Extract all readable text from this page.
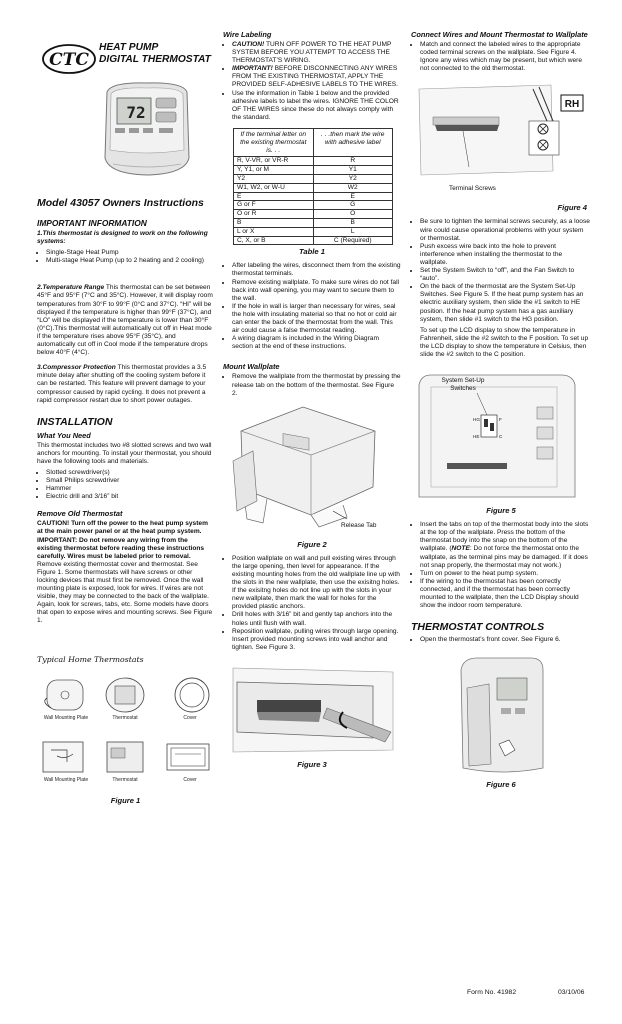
CTC
HEAT PUMP
DIGITAL THERMOSTAT
72
Model 43057 Owners Instructions
IMPORTANT INFORMATION

1.This thermostat is designed to work on the following systems:

• Single-Stage Heat Pump
• Multi-stage Heat Pump (up to 2 heating and 2 cooling)

2.Temperature Range This thermostat can be set between 45°F and 95°F (7°C and 35°C). However, it will display room temperatures from 30°F to 99°F (0°C and 37°C). “HI” will be displayed if the temperature is higher than 99°F (37°C), and “LO” will be displayed if the temperature is lower than 30°F (0°C).This thermostat will automatically cut off in Heat mode if the temperature rises above 95°F (35°C), and automatically cut off in Cool mode if the temperature drops below 40°F (4°C).

3.Compressor Protection This thermostat provides a 3.5 minute delay after shutting off the cooling system before it can be restarted. This feature will prevent damage to your compressor caused by rapid cycling. It does not prevent a rapid compressor restart due to short power outages.

INSTALLATION
What You Need

This thermostat includes two #8 slotted screws and two wall anchors for mounting. To install your thermostat, you should have the following tools and materials.

• Slotted screwdriver(s)
• Small Philips screwdriver
• Hammer
• Electric drill and 3/16” bit
Remove Old Thermostat

CAUTION! Turn off the power to the heat pump system at the main power panel or at the heat pump system.

IMPORTANT: Do not remove any wiring from the existing thermostat before reading these instructions carefully. Wires must be labeled prior to removal.

Remove existing thermostat cover and thermostat. See Figure 1. Some thermostats will have screws or other locking devices that must first be removed. Once the wall mounting plate is exposed, look for wires. If wires are not visible, they may be connected to the back of the wallplate. Again, look for screws, tabs, etc. Some models have doors that open to expose wires and mounting screws. See Figure 1.

Typical Home Thermostats
Wall Mounting Plate	Thermostat	Cover
Wall Mounting Plate	Thermostat	Cover
Figure 1
Wire Labeling
• CAUTION! TURN OFF POWER TO THE HEAT PUMP SYSTEM BEFORE YOU ATTEMPT TO ACCESS THE THERMOSTAT’S WIRING.
• IMPORTANT! BEFORE DISCONNECTING ANY WIRES FROM THE EXISTING THERMOSTAT, APPLY THE PROVIDED SELF-ADHESIVE LABELS TO THE WIRES.
• Use the information in Table 1 below and the provided adhesive labels to label the wires. IGNORE THE COLOR OF THE WIRES since these do not always comply with the standard.
If the terminal letter on the existing thermostat is. . .	. . .then mark the wire with adhesive label
R, V-VR, or VR-R	R
Y, Y1, or M	Y1
Y2	Y2
W1, W2, or W-U	W2
E	E
G or F	G
O or R	O
B	B
L or X	L
C, X, or B	C (Required)
Table 1
• After labeling the wires, disconnect them from the existing thermostat terminals.
• Remove existing wallplate. To make sure wires do not fall back into wall opening, you may want to secure them to the wall.
• If the hole in wall is larger than necessary for wires, seal the hole with insulating material so that no hot or cold air can enter the back of the thermostat from the wall. This air could cause a false thermostat reading.
• A wiring diagram is included in the Wiring Diagram section at the end of these instructions.
Mount Wallplate
• Remove the wallplate from the thermostat by pressing the release tab on the bottom of the thermostat. See Figure 2.
Release Tab
Figure 2
• Position wallplate on wall and pull existing wires through the large opening, then level for appearance. If the existing mounting holes from the old wallplate line up with the slots in the new wallplate, then use the exisitng holes. If the exisitng holes do not line up with the slots in your new wallplate, then mark the wall for holes for the provided plastic anchors.
• Drill holes with 3/16” bit and gently tap anchors into the holes until flush with wall.
• Reposition wallplate, pulling wires through large opening. Insert provided mounting screws into wall anchor and tighten. See Figure 3.
Figure 3
Connect Wires and Mount Thermostat to Wallplate
• Match and connect the labeled wires to the appropriate coded terminal screws on the wallplate. See Figure 4. Ignore any wires which may be present, but which were not connected to the old thermostat.
RH
Terminal Screws
Figure 4
• Be sure to tighten the terminal screws securely, as a loose wire could cause operational problems with your system or thermostat.
• Push excess wire back into the hole to prevent interference when installing the thermostat to the wallplate.
• Set the System Switch to “off”, and the Fan Switch to “auto”.
• On the back of the thermostat are the System Set-Up Switches. See Figure 5. If the heat pump system has an electric auxiliary system, then slide the #1 switch to HE position. If the heat pump system has a gas auxiliary system, then slide #1 switch to the HG position.

To set up the LCD display to show the temperature in Fahrenheit, slide the #2 switch to the F position. To set up the LCD display to show the temperature in Celsius, then slide the #2 switch to the C position.

System Set-Up Switches
HG	F
HE	C
Figure 5
• Insert the tabs on top of the thermostat body into the slots at the top of the wallplate. Press the bottom of the thermostat body into the snap on the bottom of the wallplate. (NOTE: Do not force the thermostat onto the wallplate, as the terminal pins may be damaged. If it does not snap properly, the thermostat may not work.)
• Turn on power to the heat pump system.
• If the wiring to the thermostat has been correctly connected, and if the thermostat has been correctly mounted to the wallplate, then the LCD Display should show the indoor room temperature.
THERMOSTAT CONTROLS
• Open the thermostat’s front cover. See Figure 6.
Figure 6
Form No. 41982	03/10/06
